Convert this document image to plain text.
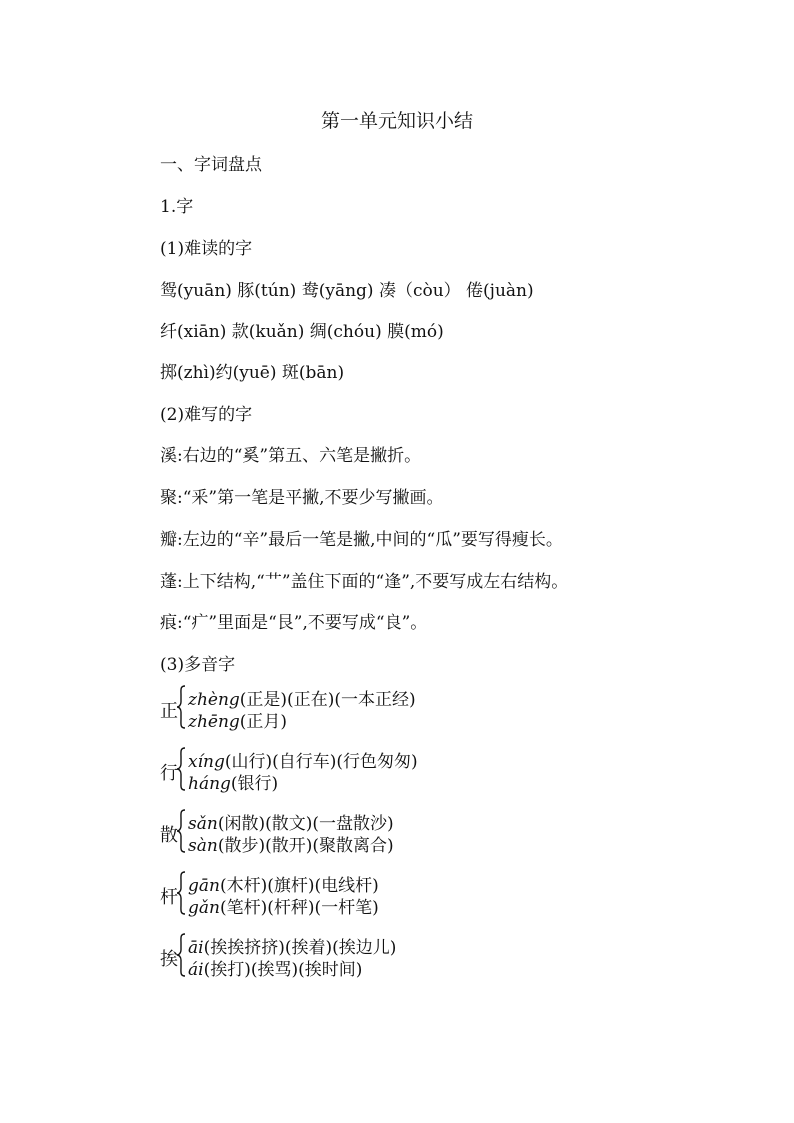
第一单元知识小结
一、字词盘点
1.字
(1)难读的字
鸳(yuān) 豚(tún) 鸯(yāng) 凑（còu） 倦(juàn)
纤(xiān) 款(kuǎn) 绸(chóu) 膜(mó)
掷(zhì)约(yuē) 斑(bān)
(2)难写的字
溪:右边的“奚”第五、六笔是撇折。
聚:“釆”第一笔是平撇,不要少写撇画。
瓣:左边的“辛”最后一笔是撇,中间的“瓜”要写得瘦长。
蓬:上下结构,“艹”盖住下面的“逢”,不要写成左右结构。
痕:“疒”里面是“艮”,不要写成“良”。
(3)多音字
正
zhèng(正是)(正在)(一本正经)
zhēng(正月)
行
xíng(山行)(自行车)(行色匆匆)
háng(银行)
散
sǎn(闲散)(散文)(一盘散沙)
sàn(散步)(散开)(聚散离合)
杆
gān(木杆)(旗杆)(电线杆)
gǎn(笔杆)(杆秤)(一杆笔)
挨
āi(挨挨挤挤)(挨着)(挨边儿)
ái(挨打)(挨骂)(挨时间)
